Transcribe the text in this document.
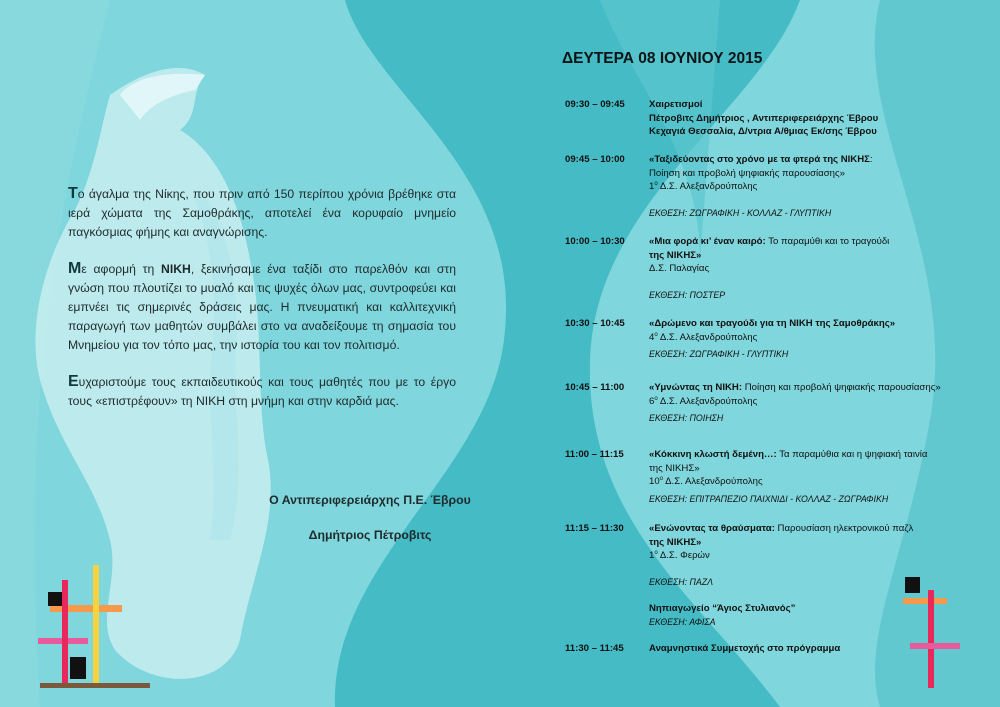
Το άγαλμα της Νίκης, που πριν από 150 περίπου χρόνια βρέθηκε στα ιερά χώματα της Σαμοθράκης, αποτελεί ένα κορυφαίο μνημείο παγκόσμιας φήμης και αναγνώρισης.

Με αφορμή τη ΝΙΚΗ, ξεκινήσαμε ένα ταξίδι στο παρελθόν και στη γνώση που πλουτίζει το μυαλό και τις ψυχές όλων μας, συντροφεύει και εμπνέει τις σημερινές δράσεις μας. Η πνευματική και καλλιτεχνική παραγωγή των μαθητών συμβάλει στο να αναδείξουμε τη σημασία του Μνημείου για τον τόπο μας, την ιστορία του και τον πολιτισμό.

Ευχαριστούμε τους εκπαιδευτικούς και τους μαθητές που με το έργο τους «επιστρέφουν» τη ΝΙΚΗ στη μνήμη και στην καρδιά μας.

Ο Αντιπεριφερειάρχης Π.Ε. Έβρου
Δημήτριος Πέτροβιτς
ΔΕΥΤΕΡΑ 08 ΙΟΥΝΙΟΥ 2015
09:30 – 09:45	Χαιρετισμοί
Πέτροβιτς Δημήτριος , Αντιπεριφερειάρχης Έβρου
Κεχαγιά Θεσσαλία, Δ/ντρια Α/θμιας Εκ/σης Έβρου
09:45 – 10:00	«Ταξιδεύοντας στο χρόνο με τα φτερά της ΝΙΚΗΣ:
Ποίηση και προβολή ψηφιακής παρουσίασης»
$1^o$ Δ.Σ. Αλεξανδρούπολης
ΕΚΘΕΣΗ: ΖΩΓΡΑΦΙΚΗ - ΚΟΛΛΑΖ - ΓΛΥΠΤΙΚΗ
10:00 – 10:30	«Μια φορά κι’ έναν καιρό: Το παραμύθι και το τραγούδι
της ΝΙΚΗΣ»
Δ.Σ. Παλαγίας
ΕΚΘΕΣΗ: ΠΟΣΤΕΡ
10:30 – 10:45	«Δρώμενο και τραγούδι για τη ΝΙΚΗ της Σαμοθράκης»
$4^o$ Δ.Σ. Αλεξανδρούπολης
ΕΚΘΕΣΗ: ΖΩΓΡΑΦΙΚΗ - ΓΛΥΠΤΙΚΗ
10:45 – 11:00	«Υμνώντας τη ΝΙΚΗ: Ποίηση και προβολή ψηφιακής παρουσίασης»
$6^o$ Δ.Σ. Αλεξανδρούπολης
ΕΚΘΕΣΗ: ΠΟΙΗΣΗ
11:00 – 11:15	«Κόκκινη κλωστή δεμένη…: Τα παραμύθια και η ψηφιακή ταινία
της ΝΙΚΗΣ»
$10^o$ Δ.Σ. Αλεξανδρούπολης
ΕΚΘΕΣΗ: ΕΠΙΤΡΑΠΕΖΙΟ ΠΑΙΧΝΙΔΙ - ΚΟΛΛΑΖ - ΖΩΓΡΑΦΙΚΗ
11:15 – 11:30	«Ενώνοντας τα θραύσματα: Παρουσίαση ηλεκτρονικού παζλ
της ΝΙΚΗΣ»
$1^o$ Δ.Σ. Φερών
ΕΚΘΕΣΗ: ΠΑΖΛ
Νηπιαγωγείο “Άγιος Στυλιανός”
ΕΚΘΕΣΗ: ΑΦΙΣΑ
11:30 – 11:45	Αναμνηστικά Συμμετοχής στο πρόγραμμα
